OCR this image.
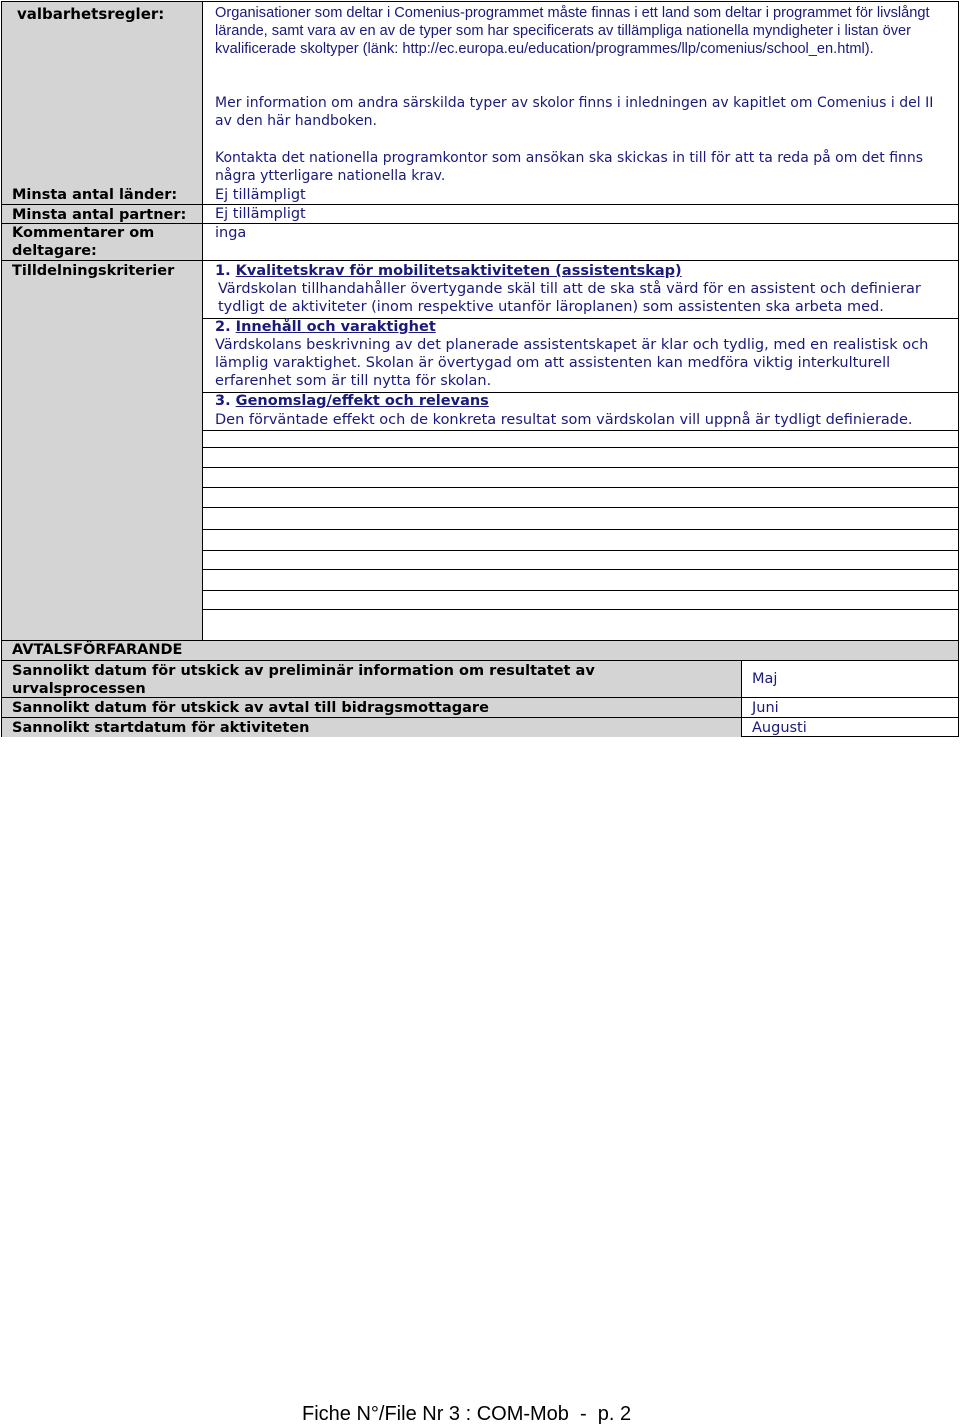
valbarhetsregler:
Minsta antal länder:
Minsta antal partner:
Kommentarer om deltagare:
Tilldelningskriterier
Organisationer som deltar i Comenius-programmet måste finnas i ett land som deltar i programmet för livslångt lärande, samt vara av en av de typer som har specificerats av tillämpliga nationella myndigheter i listan över kvalificerade skoltyper (länk: http://ec.europa.eu/education/programmes/llp/comenius/school_en.html).
Mer information om andra särskilda typer av skolor finns i inledningen av kapitlet om Comenius i del II av den här handboken.
Kontakta det nationella programkontor som ansökan ska skickas in till för att ta reda på om det finns några ytterligare nationella krav.
Ej tillämpligt
Ej tillämpligt
inga
1. Kvalitetskrav för mobilitetsaktiviteten (assistentskap)
Värdskolan tillhandahåller övertygande skäl till att de ska stå värd för en assistent och definierar tydligt de aktiviteter (inom respektive utanför läroplanen) som assistenten ska arbeta med.
2. Innehåll och varaktighet
Värdskolans beskrivning av det planerade assistentskapet är klar och tydlig, med en realistisk och lämplig varaktighet. Skolan är övertygad om att assistenten kan medföra viktig interkulturell erfarenhet som är till nytta för skolan.
3. Genomslag/effekt och relevans
Den förväntade effekt och de konkreta resultat som värdskolan vill uppnå är tydligt definierade.
AVTALSFÖRFARANDE
Sannolikt datum för utskick av preliminär information om resultatet av urvalsprocessen
Maj
Sannolikt datum för utskick av avtal till bidragsmottagare	Juni
Sannolikt startdatum för aktiviteten	Augusti
Fiche N°/File Nr 3 : COM-Mob  -  p. 2
